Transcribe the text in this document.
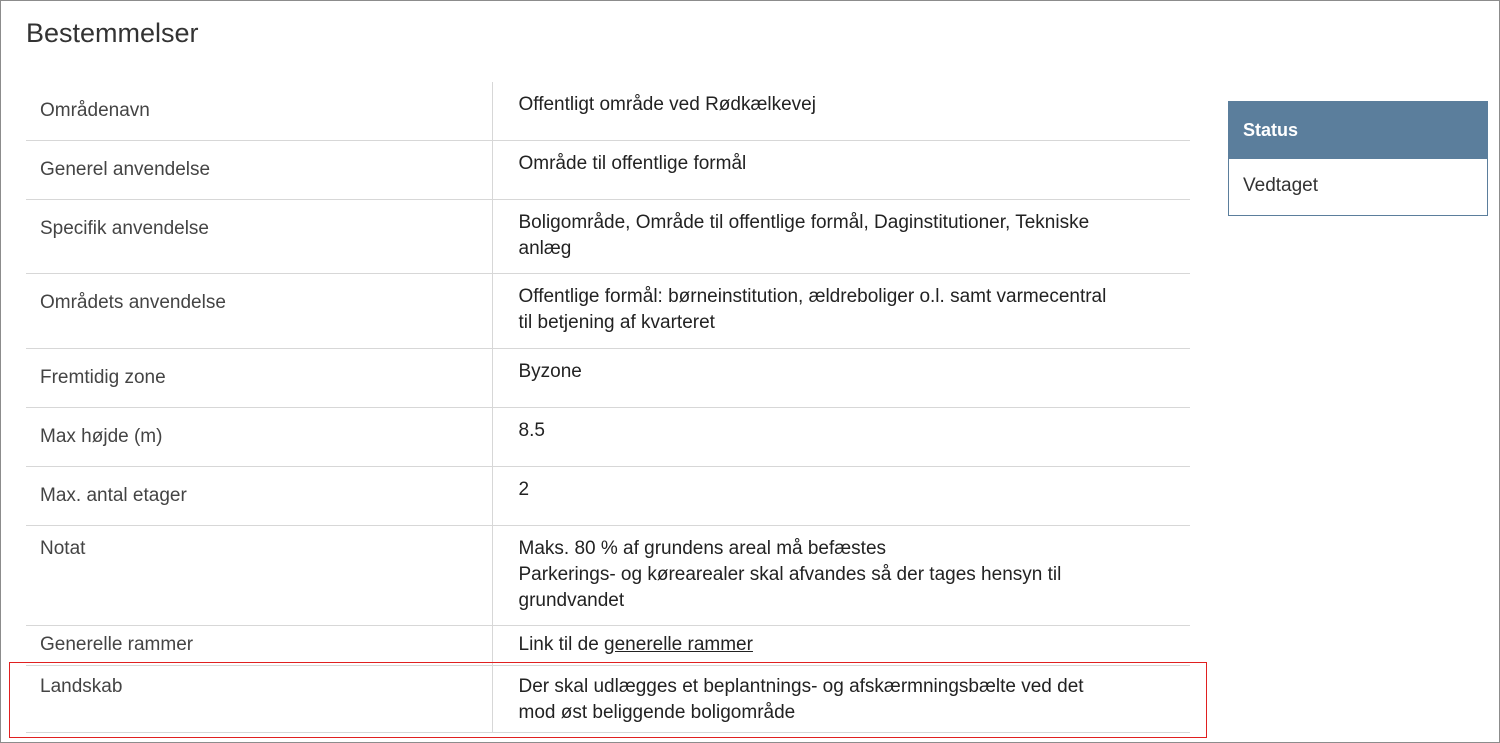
Bestemmelser
Områdenavn	Offentligt område ved Rødkælkevej
Generel anvendelse	Område til offentlige formål
Specifik anvendelse	Boligområde, Område til offentlige formål, Daginstitutioner, Tekniske
anlæg
Områdets anvendelse	Offentlige formål: børneinstitution, ældreboliger o.l. samt varmecentral
til betjening af kvarteret
Fremtidig zone	Byzone
Max højde (m)	8.5
Max. antal etager	2
Notat	Maks. 80 % af grundens areal må befæstes
Parkerings- og kørearealer skal afvandes så der tages hensyn til
grundvandet
Generelle rammer	Link til de generelle rammer
Landskab	Der skal udlægges et beplantnings- og afskærmningsbælte ved det
mod øst beliggende boligområde
Status
Vedtaget
